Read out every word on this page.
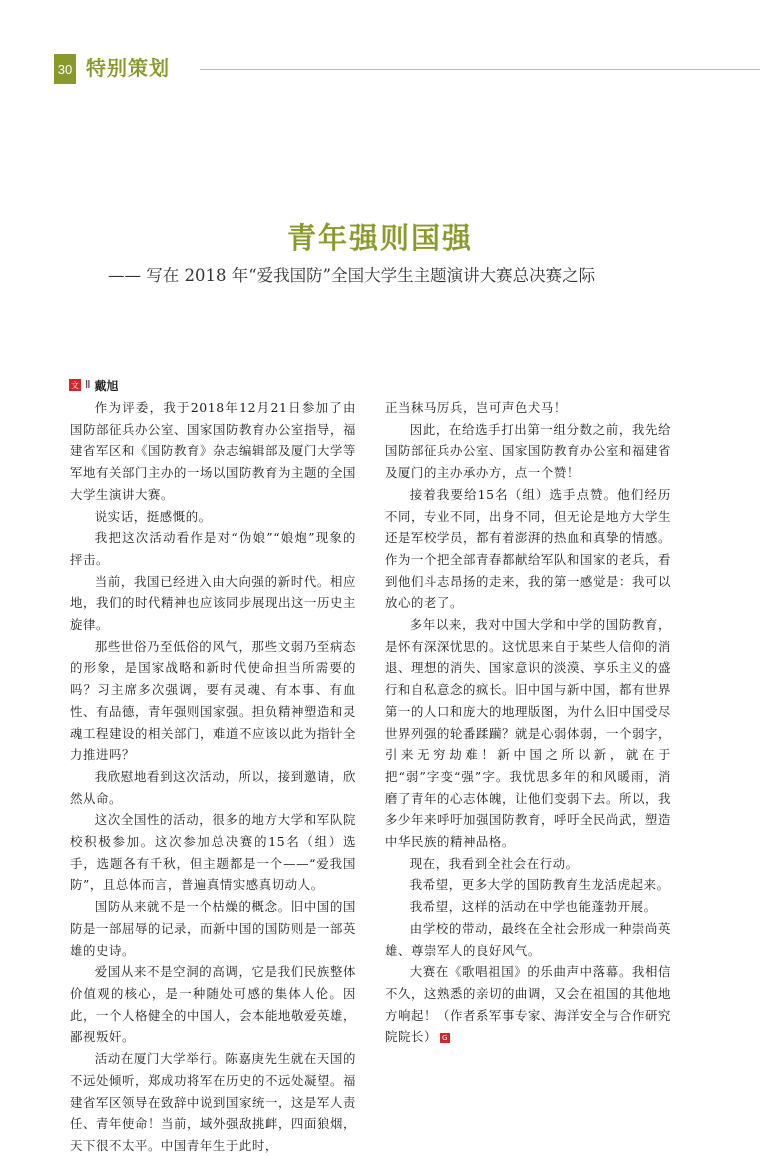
30 特别策划
青年强则国强
—— 写在 2018 年“爱我国防”全国大学生主题演讲大赛总决赛之际
文 ‖ 戴旭

作为评委，我于2018年12月21日参加了由国防部征兵办公室、国家国防教育办公室指导，福建省军区和《国防教育》杂志编辑部及厦门大学等军地有关部门主办的一场以国防教育为主题的全国大学生演讲大赛。

说实话，挺感慨的。

我把这次活动看作是对“伪娘”“娘炮”现象的抨击。

当前，我国已经进入由大向强的新时代。相应地，我们的时代精神也应该同步展现出这一历史主旋律。

那些世俗乃至低俗的风气，那些文弱乃至病态的形象，是国家战略和新时代使命担当所需要的吗？习主席多次强调，要有灵魂、有本事、有血性、有品德，青年强则国家强。担负精神塑造和灵魂工程建设的相关部门，难道不应该以此为指针全力推进吗？

我欣慰地看到这次活动，所以，接到邀请，欣然从命。

这次全国性的活动，很多的地方大学和军队院校积极参加。这次参加总决赛的15名（组）选手，选题各有千秋，但主题都是一个——“爱我国防”，且总体而言，普遍真情实感真切动人。

国防从来就不是一个枯燥的概念。旧中国的国防是一部屈辱的记录，而新中国的国防则是一部英雄的史诗。

爱国从来不是空洞的高调，它是我们民族整体价值观的核心，是一种随处可感的集体人伦。因此，一个人格健全的中国人，会本能地敬爱英雄，鄙视叛奸。

活动在厦门大学举行。陈嘉庚先生就在天国的不远处倾听，郑成功将军在历史的不远处凝望。福建省军区领导在致辞中说到国家统一，这是军人责任、青年使命！当前，域外强敌挑衅，四面狼烟，天下很不太平。中国青年生于此时，

正当秣马厉兵，岂可声色犬马！

因此，在给选手打出第一组分数之前，我先给国防部征兵办公室、国家国防教育办公室和福建省及厦门的主办承办方，点一个赞！

接着我要给15名（组）选手点赞。他们经历不同，专业不同，出身不同，但无论是地方大学生还是军校学员，都有着澎湃的热血和真挚的情感。作为一个把全部青春都献给军队和国家的老兵，看到他们斗志昂扬的走来，我的第一感觉是：我可以放心的老了。

多年以来，我对中国大学和中学的国防教育，是怀有深深忧思的。这忧思来自于某些人信仰的消退、理想的消失、国家意识的淡漠、享乐主义的盛行和自私意念的疯长。旧中国与新中国，都有世界第一的人口和庞大的地理版图，为什么旧中国受尽世界列强的轮番蹂躏？就是心弱体弱，一个弱字，引来无穷劫难！新中国之所以新，就在于把“弱”字变“强”字。我忧思多年的和风暖雨，消磨了青年的心志体魄，让他们变弱下去。所以，我多少年来呼吁加强国防教育，呼吁全民尚武，塑造中华民族的精神品格。

现在，我看到全社会在行动。

我希望，更多大学的国防教育生龙活虎起来。

我希望，这样的活动在中学也能蓬勃开展。

由学校的带动，最终在全社会形成一种崇尚英雄、尊崇军人的良好风气。

大赛在《歌唱祖国》的乐曲声中落幕。我相信不久，这熟悉的亲切的曲调，又会在祖国的其他地方响起！（作者系军事专家、海洋安全与合作研究院院长） G
